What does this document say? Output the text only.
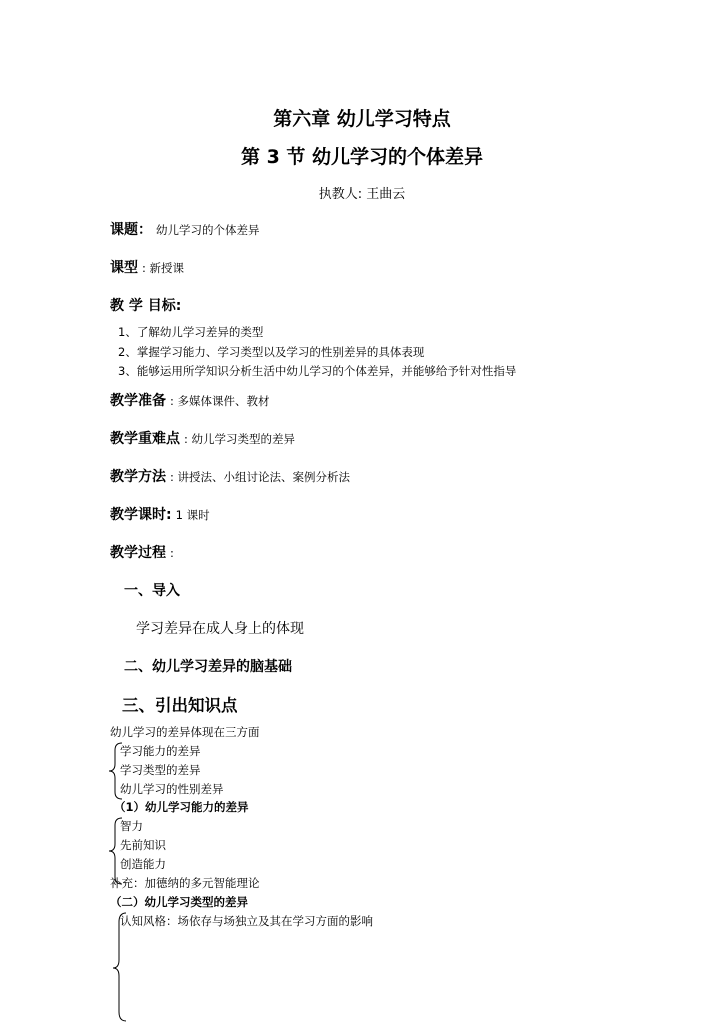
第六章 幼儿学习特点
第 3 节 幼儿学习的个体差异
执教人: 王曲云
课题： 幼儿学习的个体差异
课型 : 新授课
教 学 目标:
1、了解幼儿学习差异的类型
2、掌握学习能力、学习类型以及学习的性别差异的具体表现
3、能够运用所学知识分析生活中幼儿学习的个体差异，并能够给予针对性指导
教学准备 : 多媒体课件、教材
教学重难点 : 幼儿学习类型的差异
教学方法 : 讲授法、小组讨论法、案例分析法
教学课时: 1 课时
教学过程 :
一、导入
学习差异在成人身上的体现
二、幼儿学习差异的脑基础
三、引出知识点
幼儿学习的差异体现在三方面
学习能力的差异
学习类型的差异
幼儿学习的性别差异
（1）幼儿学习能力的差异
智力
先前知识
创造能力
补充：加德纳的多元智能理论
（二）幼儿学习类型的差异
认知风格：场依存与场独立及其在学习方面的影响
